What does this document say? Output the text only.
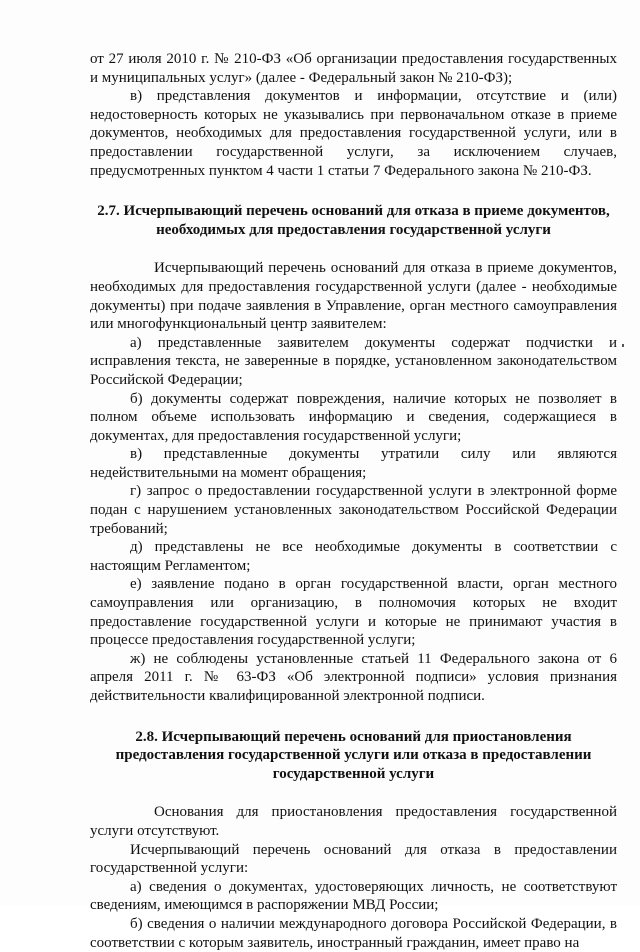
от 27 июля 2010 г. № 210-ФЗ «Об организации предоставления государственных и муниципальных услуг» (далее - Федеральный закон № 210-ФЗ);

в) представления документов и информации, отсутствие и (или) недостоверность которых не указывались при первоначальном отказе в приеме документов, необходимых для предоставления государственной услуги, или в предоставлении государственной услуги, за исключением случаев, предусмотренных пунктом 4 части 1 статьи 7 Федерального закона № 210-ФЗ.

2.7. Исчерпывающий перечень оснований для отказа в приеме документов, необходимых для предоставления государственной услуги

Исчерпывающий перечень оснований для отказа в приеме документов, необходимых для предоставления государственной услуги (далее - необходимые документы) при подаче заявления в Управление, орган местного самоуправления или многофункциональный центр заявителем:

а) представленные заявителем документы содержат подчистки и исправления текста, не заверенные в порядке, установленном законодательством Российской Федерации;

б) документы содержат повреждения, наличие которых не позволяет в полном объеме использовать информацию и сведения, содержащиеся в документах, для предоставления государственной услуги;

в) представленные документы утратили силу или являются недействительными на момент обращения;

г) запрос о предоставлении государственной услуги в электронной форме подан с нарушением установленных законодательством Российской Федерации требований;

д) представлены не все необходимые документы в соответствии с настоящим Регламентом;

е) заявление подано в орган государственной власти, орган местного самоуправления или организацию, в полномочия которых не входит предоставление государственной услуги и которые не принимают участия в процессе предоставления государственной услуги;

ж) не соблюдены установленные статьей 11 Федерального закона от 6 апреля 2011 г. № 63-ФЗ «Об электронной подписи» условия признания действительности квалифицированной электронной подписи.

2.8. Исчерпывающий перечень оснований для приостановления предоставления государственной услуги или отказа в предоставлении государственной услуги

Основания для приостановления предоставления государственной услуги отсутствуют.

Исчерпывающий перечень оснований для отказа в предоставлении государственной услуги:

а) сведения о документах, удостоверяющих личность, не соответствуют сведениям, имеющимся в распоряжении МВД России;

б) сведения о наличии международного договора Российской Федерации, в соответствии с которым заявитель, иностранный гражданин, имеет право на
